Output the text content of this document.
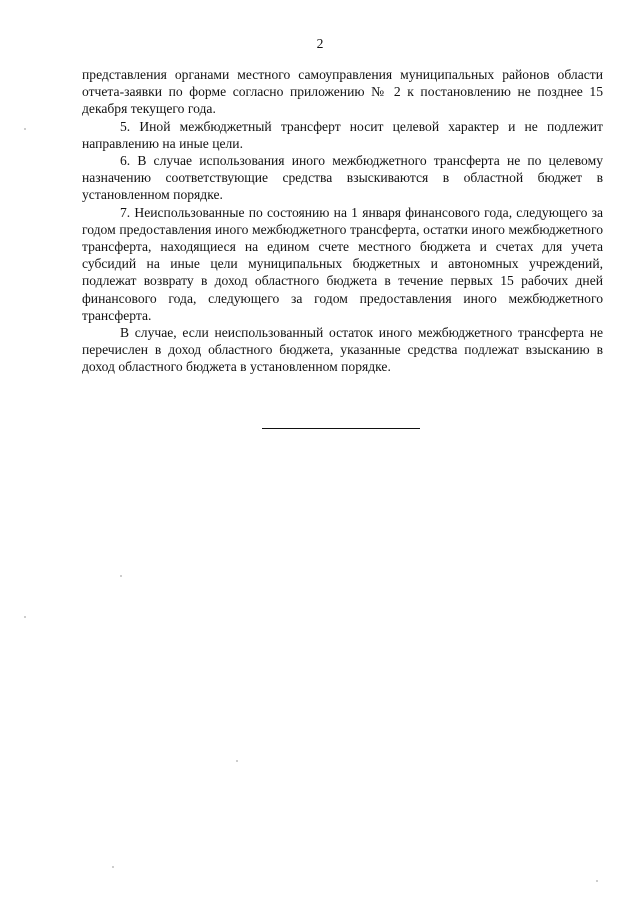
2

представления органами местного самоуправления муниципальных районов области отчета-заявки по форме согласно приложению № 2 к постановлению не позднее 15 декабря текущего года.

5. Иной межбюджетный трансферт носит целевой характер и не подлежит направлению на иные цели.

6. В случае использования иного межбюджетного трансферта не по целевому назначению соответствующие средства взыскиваются в областной бюджет в установленном порядке.

7. Неиспользованные по состоянию на 1 января финансового года, следующего за годом предоставления иного межбюджетного трансферта, остатки иного межбюджетного трансферта, находящиеся на едином счете местного бюджета и счетах для учета субсидий на иные цели муниципальных бюджетных и автономных учреждений, подлежат возврату в доход областного бюджета в течение первых 15 рабочих дней финансового года, следующего за годом предоставления иного межбюджетного трансферта.

В случае, если неиспользованный остаток иного межбюджетного трансферта не перечислен в доход областного бюджета, указанные средства подлежат взысканию в доход областного бюджета в установленном порядке.
